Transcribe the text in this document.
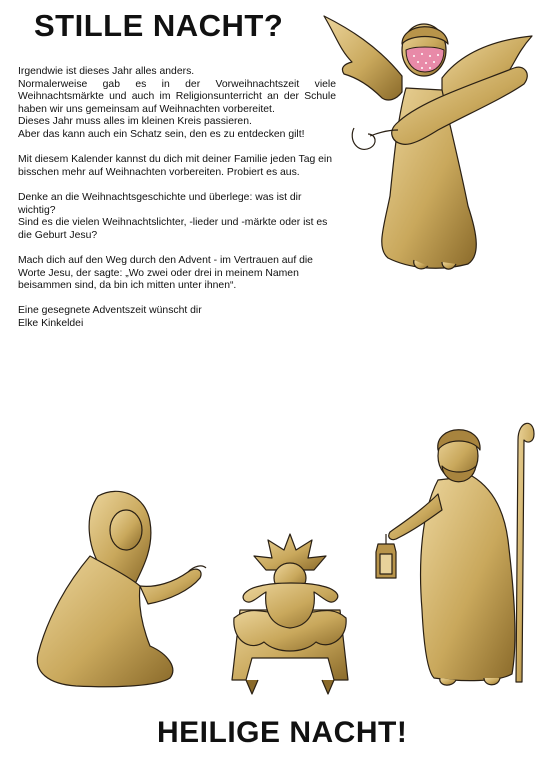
STILLE NACHT?

Irgendwie ist dieses Jahr alles anders.
Normalerweise gab es in der Vorweihnachtszeit viele Weihnachtsmärkte und auch im Religionsunterricht an der Schule haben wir uns gemeinsam auf Weihnachten vorbereitet.
Dieses Jahr muss alles im kleinen Kreis passieren.
Aber das kann auch ein Schatz sein, den es zu entdecken gilt!

Mit diesem Kalender kannst du dich mit deiner Familie jeden Tag ein bisschen mehr auf Weihnachten vorbereiten. Probiert es aus.

Denke an die Weihnachtsgeschichte und überlege: was ist dir wichtig?
Sind es die vielen Weihnachtslichter, -lieder und -märkte oder ist es die Geburt Jesu?

Mach dich auf den Weg durch den Advent - im Vertrauen auf die Worte Jesu, der sagte: „Wo zwei oder drei in meinem Namen beisammen sind, da bin ich mitten unter ihnen“.

Eine gesegnete Adventszeit wünscht dir
Elke Kinkeldei

HEILIGE NACHT!
